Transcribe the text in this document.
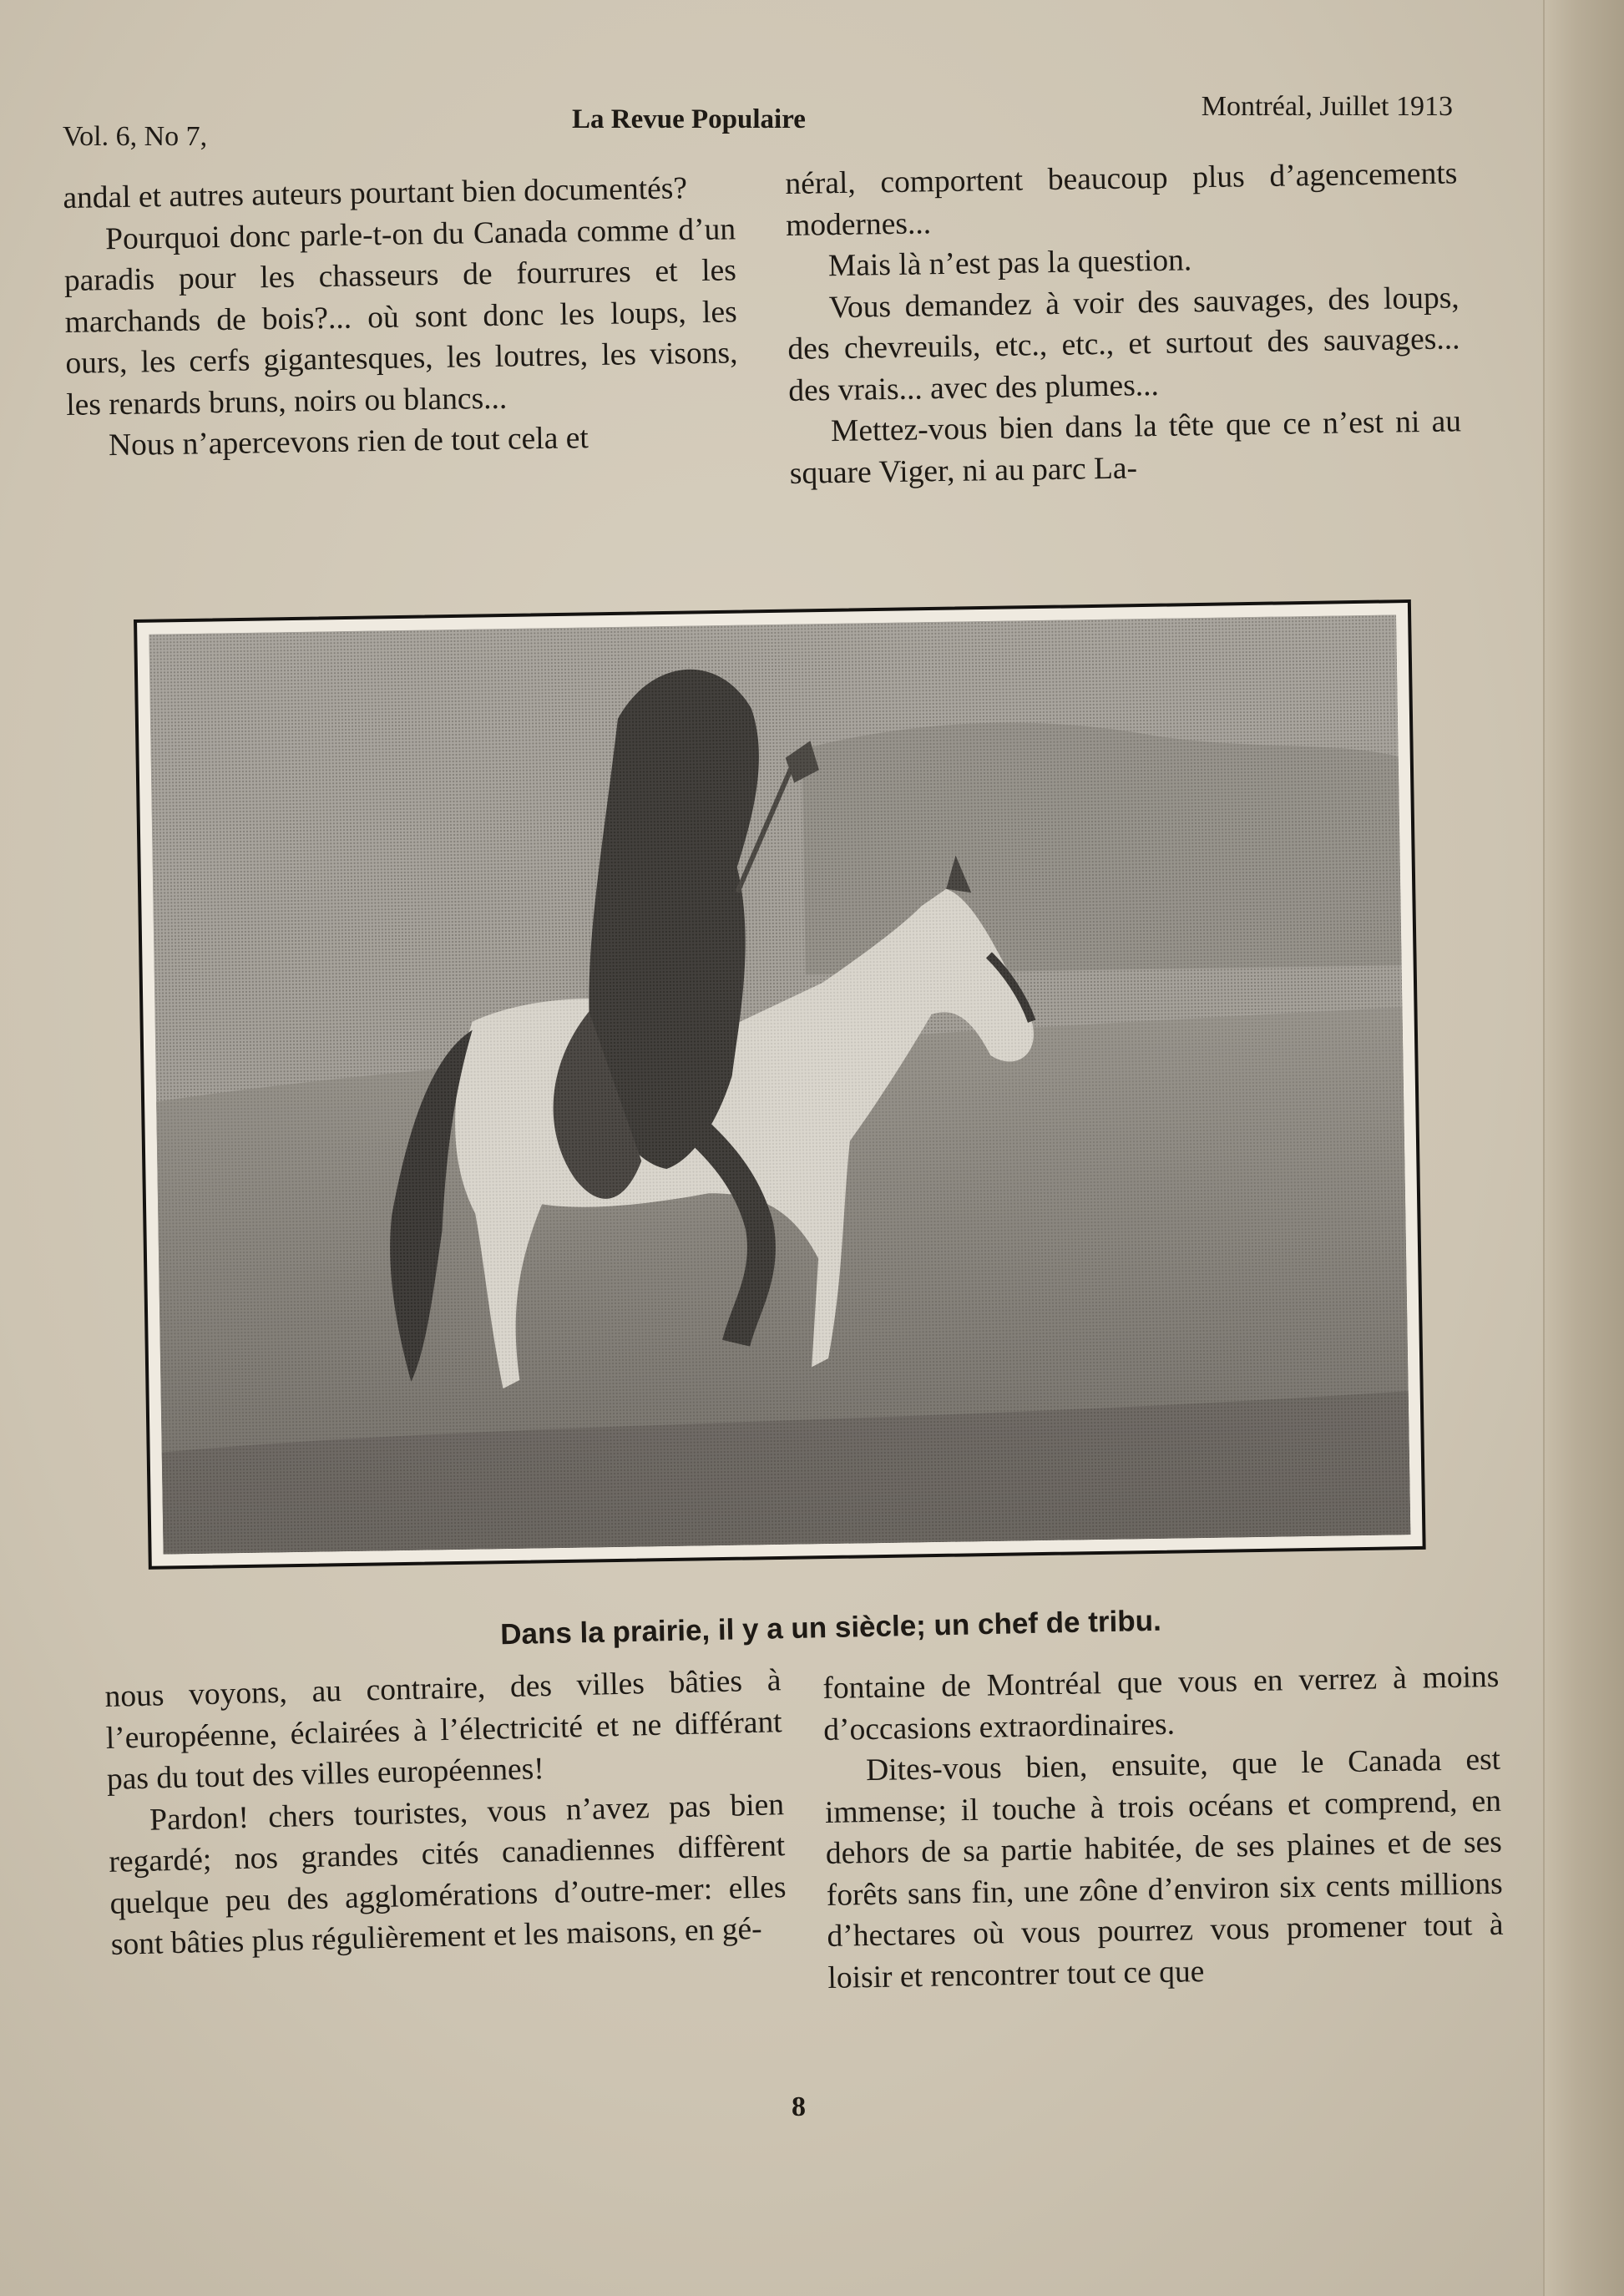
Vol. 6, No 7,
La Revue Populaire	Montréal, Juillet 1913

andal et autres auteurs pourtant bien documentés?

Pourquoi donc parle-t-on du Canada comme d’un paradis pour les chasseurs de fourrures et les marchands de bois?... où sont donc les loups, les ours, les cerfs gigantesques, les loutres, les visons, les renards bruns, noirs ou blancs...

Nous n’apercevons rien de tout cela et

néral, comportent beaucoup plus d’agencements modernes...

Mais là n’est pas la question.

Vous demandez à voir des sauvages, des loups, des chevreuils, etc., etc., et surtout des sauvages... des vrais... avec des plumes...

Mettez-vous bien dans la tête que ce n’est ni au square Viger, ni au parc La-

Dans la prairie, il y a un siècle; un chef de tribu.

nous voyons, au contraire, des villes bâties à l’européenne, éclairées à l’électricité et ne différant pas du tout des villes européennes!

Pardon! chers touristes, vous n’avez pas bien regardé; nos grandes cités canadiennes diffèrent quelque peu des agglomérations d’outre-mer: elles sont bâties plus régulièrement et les maisons, en gé-

fontaine de Montréal que vous en verrez à moins d’occasions extraordinaires.

Dites-vous bien, ensuite, que le Canada est immense; il touche à trois océans et comprend, en dehors de sa partie habitée, de ses plaines et de ses forêts sans fin, une zône d’environ six cents millions d’hectares où vous pourrez vous promener tout à loisir et rencontrer tout ce que

8
